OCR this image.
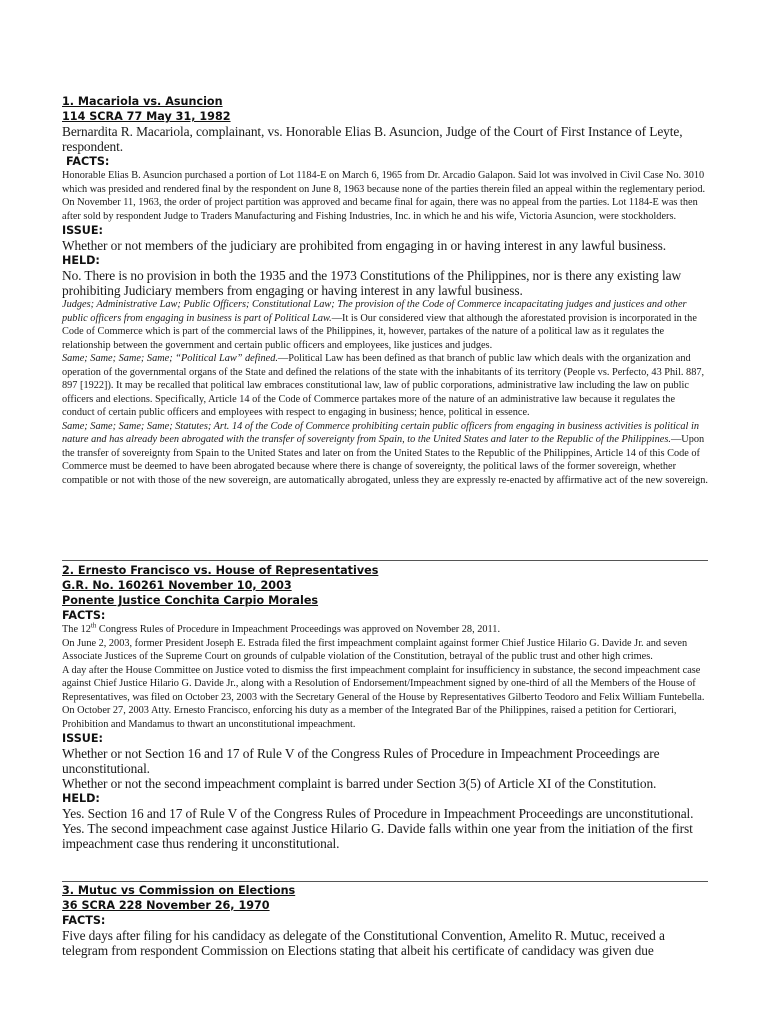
1. Macariola vs. Asuncion

114 SCRA 77 May 31, 1982

Bernardita R. Macariola, complainant, vs. Honorable Elias B. Asuncion, Judge of the Court of First Instance of Leyte, respondent.

FACTS:

Honorable Elias B. Asuncion purchased a portion of Lot 1184-E on March 6, 1965 from Dr. Arcadio Galapon. Said lot was involved in Civil Case No. 3010 which was presided and rendered final by the respondent on June 8, 1963 because none of the parties therein filed an appeal within the reglementary period. On November 11, 1963, the order of project partition was approved and became final for again, there was no appeal from the parties. Lot 1184-E was then after sold by respondent Judge to Traders Manufacturing and Fishing Industries, Inc. in which he and his wife, Victoria Asuncion, were stockholders.

ISSUE:

Whether or not members of the judiciary are prohibited from engaging in or having interest in any lawful business.

HELD:

No. There is no provision in both the 1935 and the 1973 Constitutions of the Philippines, nor is there any existing law prohibiting Judiciary members from engaging or having interest in any lawful business.

Judges; Administrative Law; Public Officers; Constitutional Law; The provision of the Code of Commerce incapacitating judges and justices and other public officers from engaging in business is part of Political Law.—It is Our considered view that although the aforestated provision is incorporated in the Code of Commerce which is part of the commercial laws of the Philippines, it, however, partakes of the nature of a political law as it regulates the relationship between the government and certain public officers and employees, like justices and judges.

Same; Same; Same; Same; “Political Law” defined.—Political Law has been defined as that branch of public law which deals with the organization and operation of the governmental organs of the State and defined the relations of the state with the inhabitants of its territory (People vs. Perfecto, 43 Phil. 887, 897 [1922]). It may be recalled that political law embraces constitutional law, law of public corporations, administrative law including the law on public officers and elections. Specifically, Article 14 of the Code of Commerce partakes more of the nature of an administrative law because it regulates the conduct of certain public officers and employees with respect to engaging in business; hence, political in essence.

Same; Same; Same; Same; Statutes; Art. 14 of the Code of Commerce prohibiting certain public officers from engaging in business activities is political in nature and has already been abrogated with the transfer of sovereignty from Spain, to the United States and later to the Republic of the Philippines.—Upon the transfer of sovereignty from Spain to the United States and later on from the United States to the Republic of the Philippines, Article 14 of this Code of Commerce must be deemed to have been abrogated because where there is change of sovereignty, the political laws of the former sovereign, whether compatible or not with those of the new sovereign, are automatically abrogated, unless they are expressly re-enacted by affirmative act of the new sovereign.

2. Ernesto Francisco vs. House of Representatives

G.R. No. 160261 November 10, 2003

Ponente Justice Conchita Carpio Morales

FACTS:

The 12th Congress Rules of Procedure in Impeachment Proceedings was approved on November 28, 2011.

On June 2, 2003, former President Joseph E. Estrada filed the first impeachment complaint against former Chief Justice Hilario G. Davide Jr. and seven Associate Justices of the Supreme Court on grounds of culpable violation of the Constitution, betrayal of the public trust and other high crimes.

A day after the House Committee on Justice voted to dismiss the first impeachment complaint for insufficiency in substance, the second impeachment case against Chief Justice Hilario G. Davide Jr., along with a Resolution of Endorsement/Impeachment signed by one-third of all the Members of the House of Representatives, was filed on October 23, 2003 with the Secretary General of the House by Representatives Gilberto Teodoro and Felix William Funtebella. On October 27, 2003 Atty. Ernesto Francisco, enforcing his duty as a member of the Integrated Bar of the Philippines, raised a petition for Certiorari, Prohibition and Mandamus to thwart an unconstitutional impeachment.

ISSUE:

Whether or not Section 16 and 17 of Rule V of the Congress Rules of Procedure in Impeachment Proceedings are unconstitutional.

Whether or not the second impeachment complaint is barred under Section 3(5) of Article XI of the Constitution.

HELD:

Yes. Section 16 and 17 of Rule V of the Congress Rules of Procedure in Impeachment Proceedings are unconstitutional.

Yes. The second impeachment case against Justice Hilario G. Davide falls within one year from the initiation of the first impeachment case thus rendering it unconstitutional.

3. Mutuc vs Commission on Elections

36 SCRA 228 November 26, 1970

FACTS:

Five days after filing for his candidacy as delegate of the Constitutional Convention, Amelito R. Mutuc, received a telegram from respondent Commission on Elections stating that albeit his certificate of candidacy was given due
